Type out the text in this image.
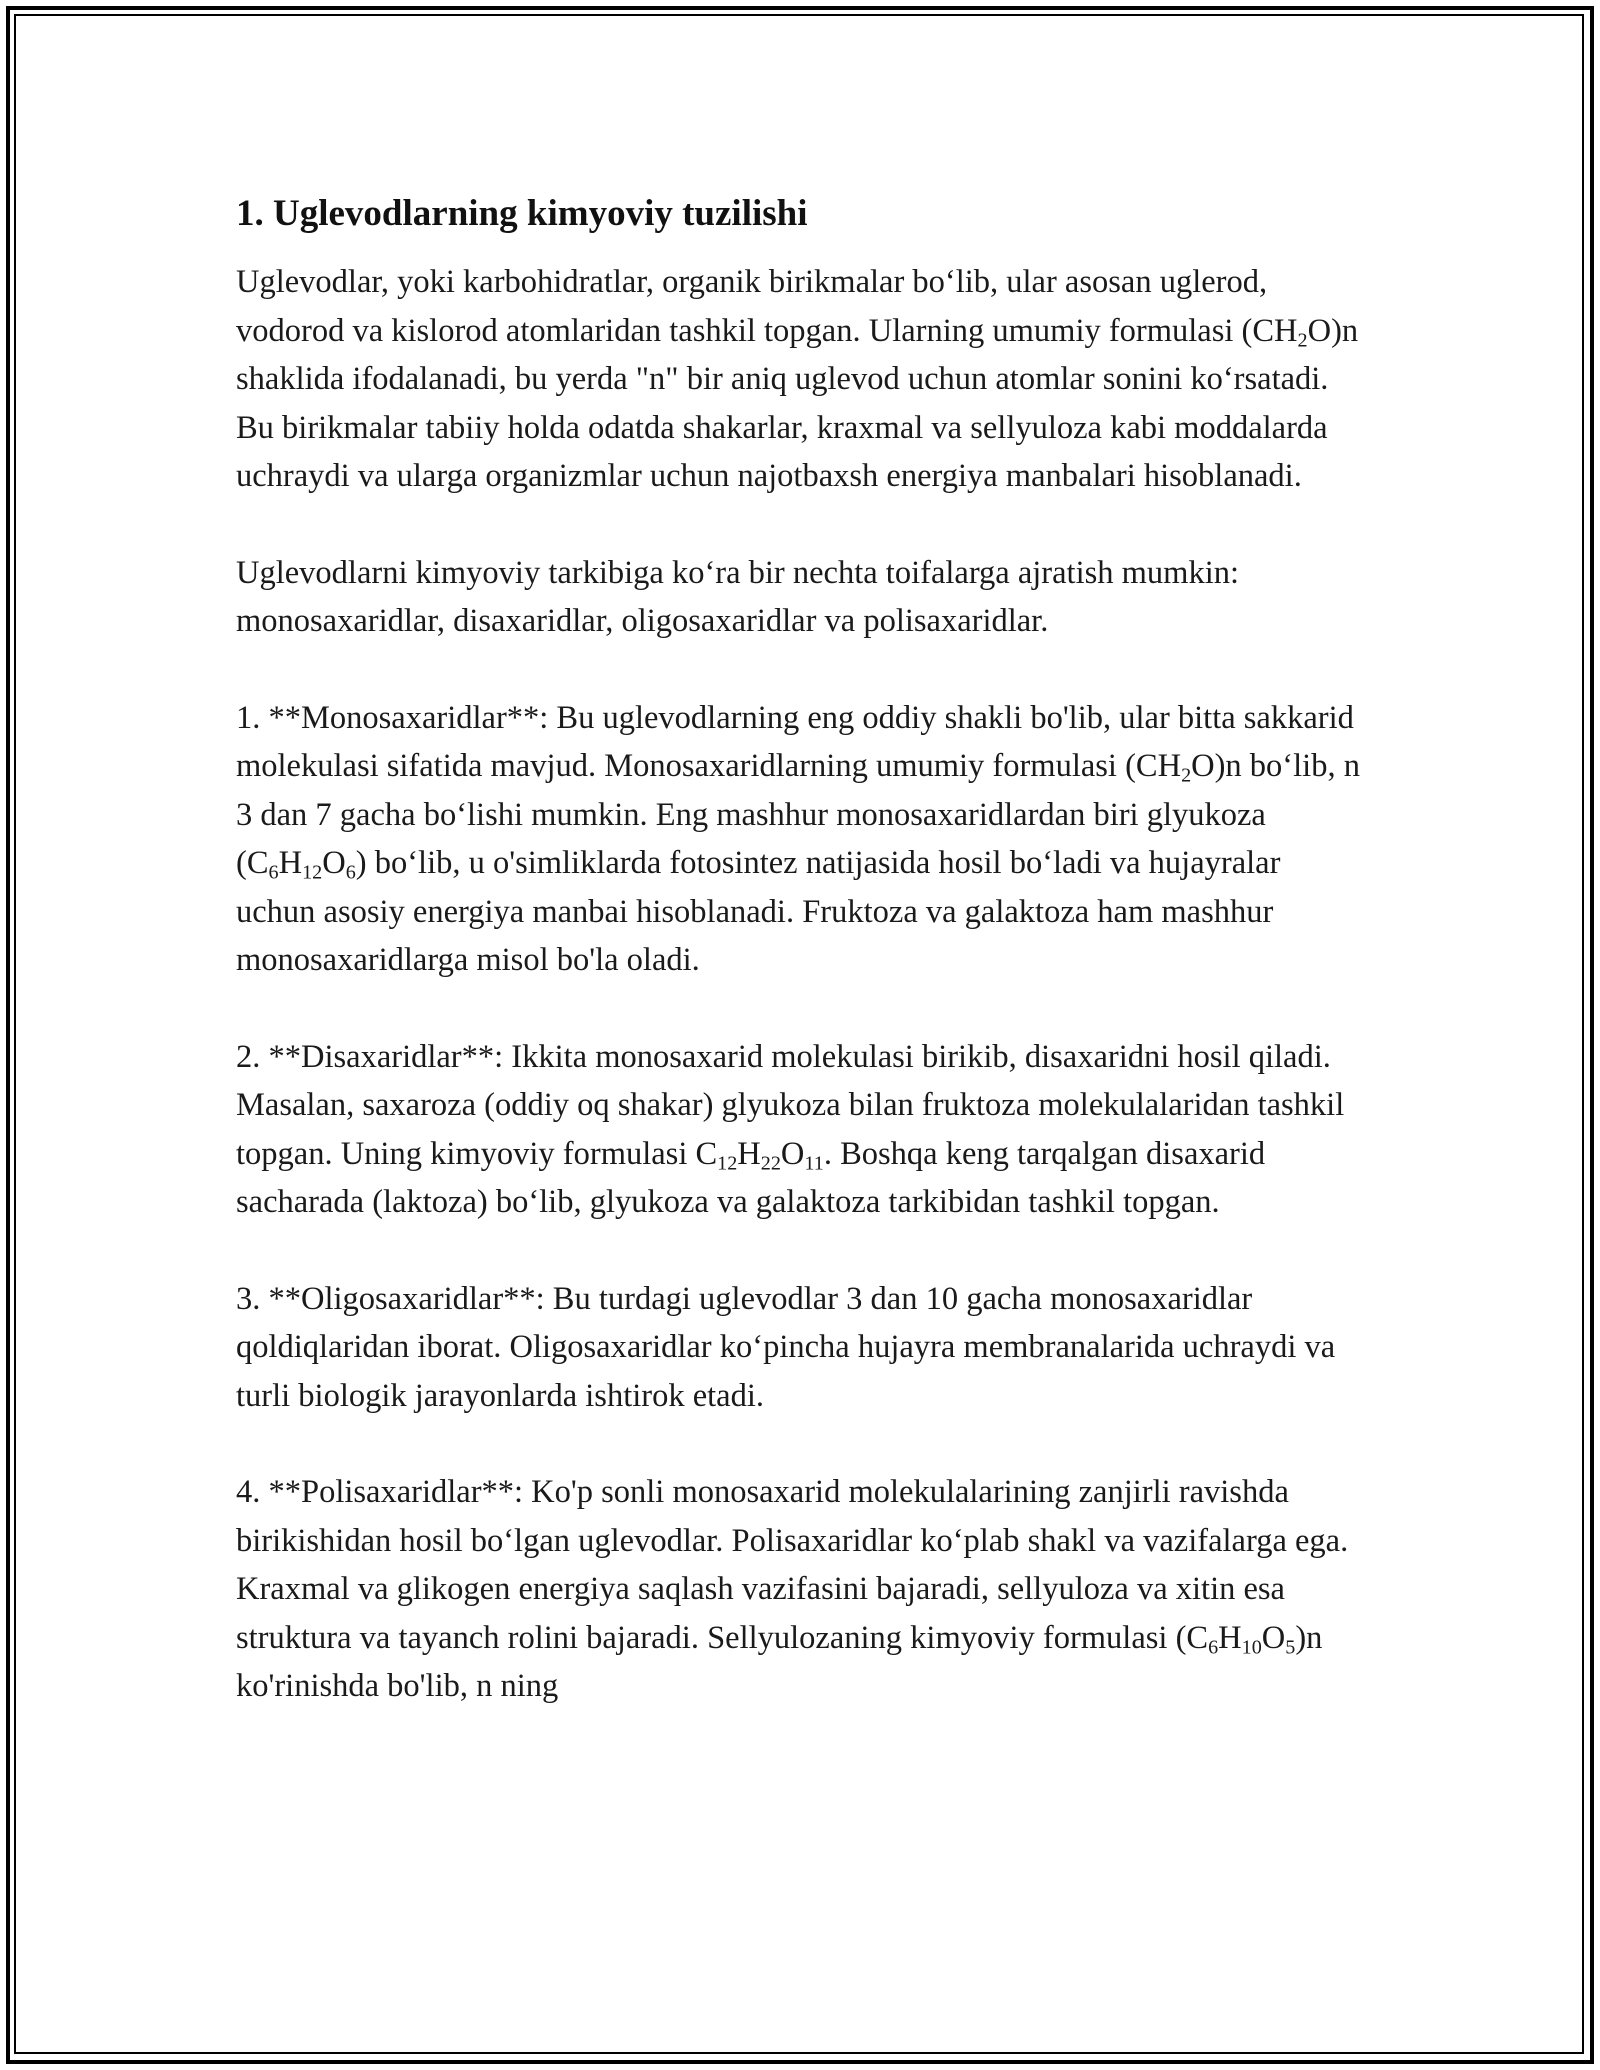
1. Uglevodlarning kimyoviy tuzilishi

Uglevodlar, yoki karbohidratlar, organik birikmalar bo‘lib, ular asosan uglerod, vodorod va kislorod atomlaridan tashkil topgan. Ularning umumiy formulasi $(CH_2O)n$ shaklida ifodalanadi, bu yerda "n" bir aniq uglevod uchun atomlar sonini ko‘rsatadi. Bu birikmalar tabiiy holda odatda shakarlar, kraxmal va sellyuloza kabi moddalarda uchraydi va ularga organizmlar uchun najotbaxsh energiya manbalari hisoblanadi.

Uglevodlarni kimyoviy tarkibiga ko‘ra bir nechta toifalarga ajratish mumkin: monosaxaridlar, disaxaridlar, oligosaxaridlar va polisaxaridlar.

1. **Monosaxaridlar**: Bu uglevodlarning eng oddiy shakli bo'lib, ular bitta sakkarid molekulasi sifatida mavjud. Monosaxaridlarning umumiy formulasi $(CH_2O)n$ bo‘lib, n 3 dan 7 gacha bo‘lishi mumkin. Eng mashhur monosaxaridlardan biri glyukoza $(C_6H_{12}O_6)$ bo‘lib, u o'simliklarda fotosintez natijasida hosil bo‘ladi va hujayralar uchun asosiy energiya manbai hisoblanadi. Fruktoza va galaktoza ham mashhur monosaxaridlarga misol bo'la oladi.

2. **Disaxaridlar**: Ikkita monosaxarid molekulasi birikib, disaxaridni hosil qiladi. Masalan, saxaroza (oddiy oq shakar) glyukoza bilan fruktoza molekulalaridan tashkil topgan. Uning kimyoviy formulasi $C_{12}H_{22}O_{11}$. Boshqa keng tarqalgan disaxarid sacharada (laktoza) bo‘lib, glyukoza va galaktoza tarkibidan tashkil topgan.

3. **Oligosaxaridlar**: Bu turdagi uglevodlar 3 dan 10 gacha monosaxaridlar qoldiqlaridan iborat. Oligosaxaridlar ko‘pincha hujayra membranalarida uchraydi va turli biologik jarayonlarda ishtirok etadi.

4. **Polisaxaridlar**: Ko'p sonli monosaxarid molekulalarining zanjirli ravishda birikishidan hosil bo‘lgan uglevodlar. Polisaxaridlar ko‘plab shakl va vazifalarga ega. Kraxmal va glikogen energiya saqlash vazifasini bajaradi, sellyuloza va xitin esa struktura va tayanch rolini bajaradi. Sellyulozaning kimyoviy formulasi $(C_6H_{10}O_5)n$ ko'rinishda bo'lib, n ning
